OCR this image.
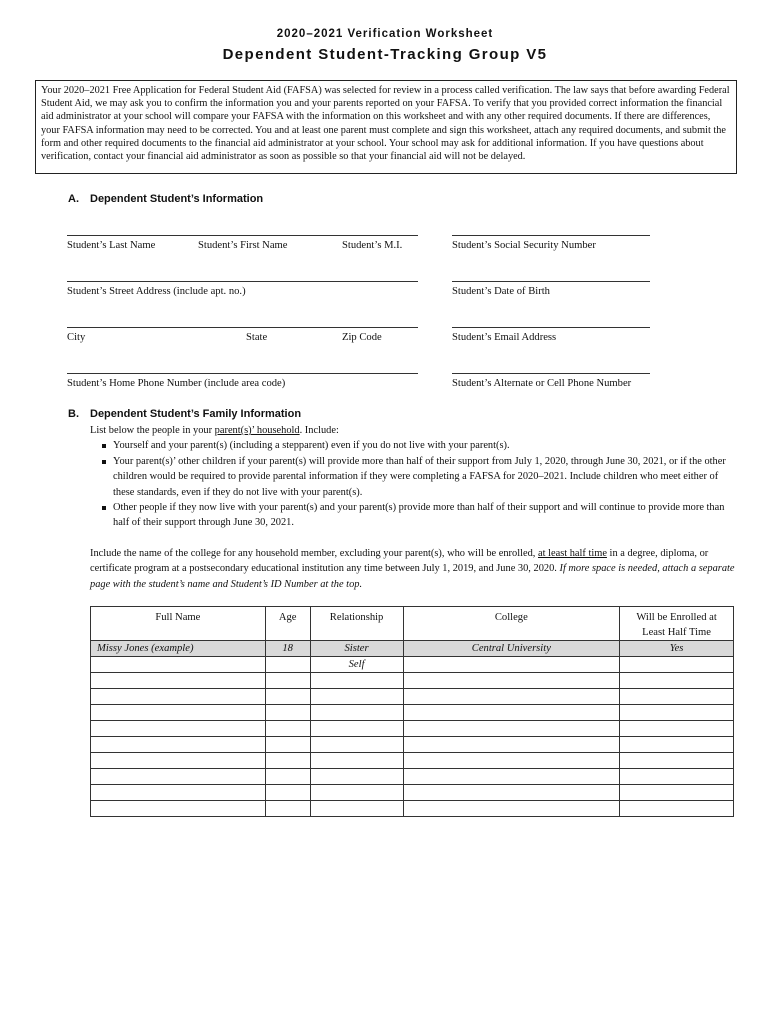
2020–2021 Verification Worksheet
Dependent Student-Tracking Group V5
Your 2020–2021 Free Application for Federal Student Aid (FAFSA) was selected for review in a process called verification. The law says that before awarding Federal Student Aid, we may ask you to confirm the information you and your parents reported on your FAFSA. To verify that you provided correct information the financial aid administrator at your school will compare your FAFSA with the information on this worksheet and with any other required documents. If there are differences, your FAFSA information may need to be corrected. You and at least one parent must complete and sign this worksheet, attach any required documents, and submit the form and other required documents to the financial aid administrator at your school. Your school may ask for additional information. If you have questions about verification, contact your financial aid administrator as soon as possible so that your financial aid will not be delayed.
A. Dependent Student’s Information
Student’s Last Name	Student’s First Name	Student’s M.I.	Student’s Social Security Number
Student’s Street Address (include apt. no.)	Student’s Date of Birth
City	State	Zip Code	Student’s Email Address
Student’s Home Phone Number (include area code)	Student’s Alternate or Cell Phone Number
B. Dependent Student’s Family Information
List below the people in your parent(s)’ household. Include:
Yourself and your parent(s) (including a stepparent) even if you do not live with your parent(s).
Your parent(s)’ other children if your parent(s) will provide more than half of their support from July 1, 2020, through June 30, 2021, or if the other children would be required to provide parental information if they were completing a FAFSA for 2020–2021. Include children who meet either of these standards, even if they do not live with your parent(s).
Other people if they now live with your parent(s) and your parent(s) provide more than half of their support and will continue to provide more than half of their support through June 30, 2021.
Include the name of the college for any household member, excluding your parent(s), who will be enrolled, at least half time in a degree, diploma, or certificate program at a postsecondary educational institution any time between July 1, 2019, and June 30, 2020. If more space is needed, attach a separate page with the student’s name and Student’s ID Number at the top.
Full Name	Age	Relationship	College	Will be Enrolled at
Least Half Time
Missy Jones (example)	18	Sister	Central University	Yes
		Self		
